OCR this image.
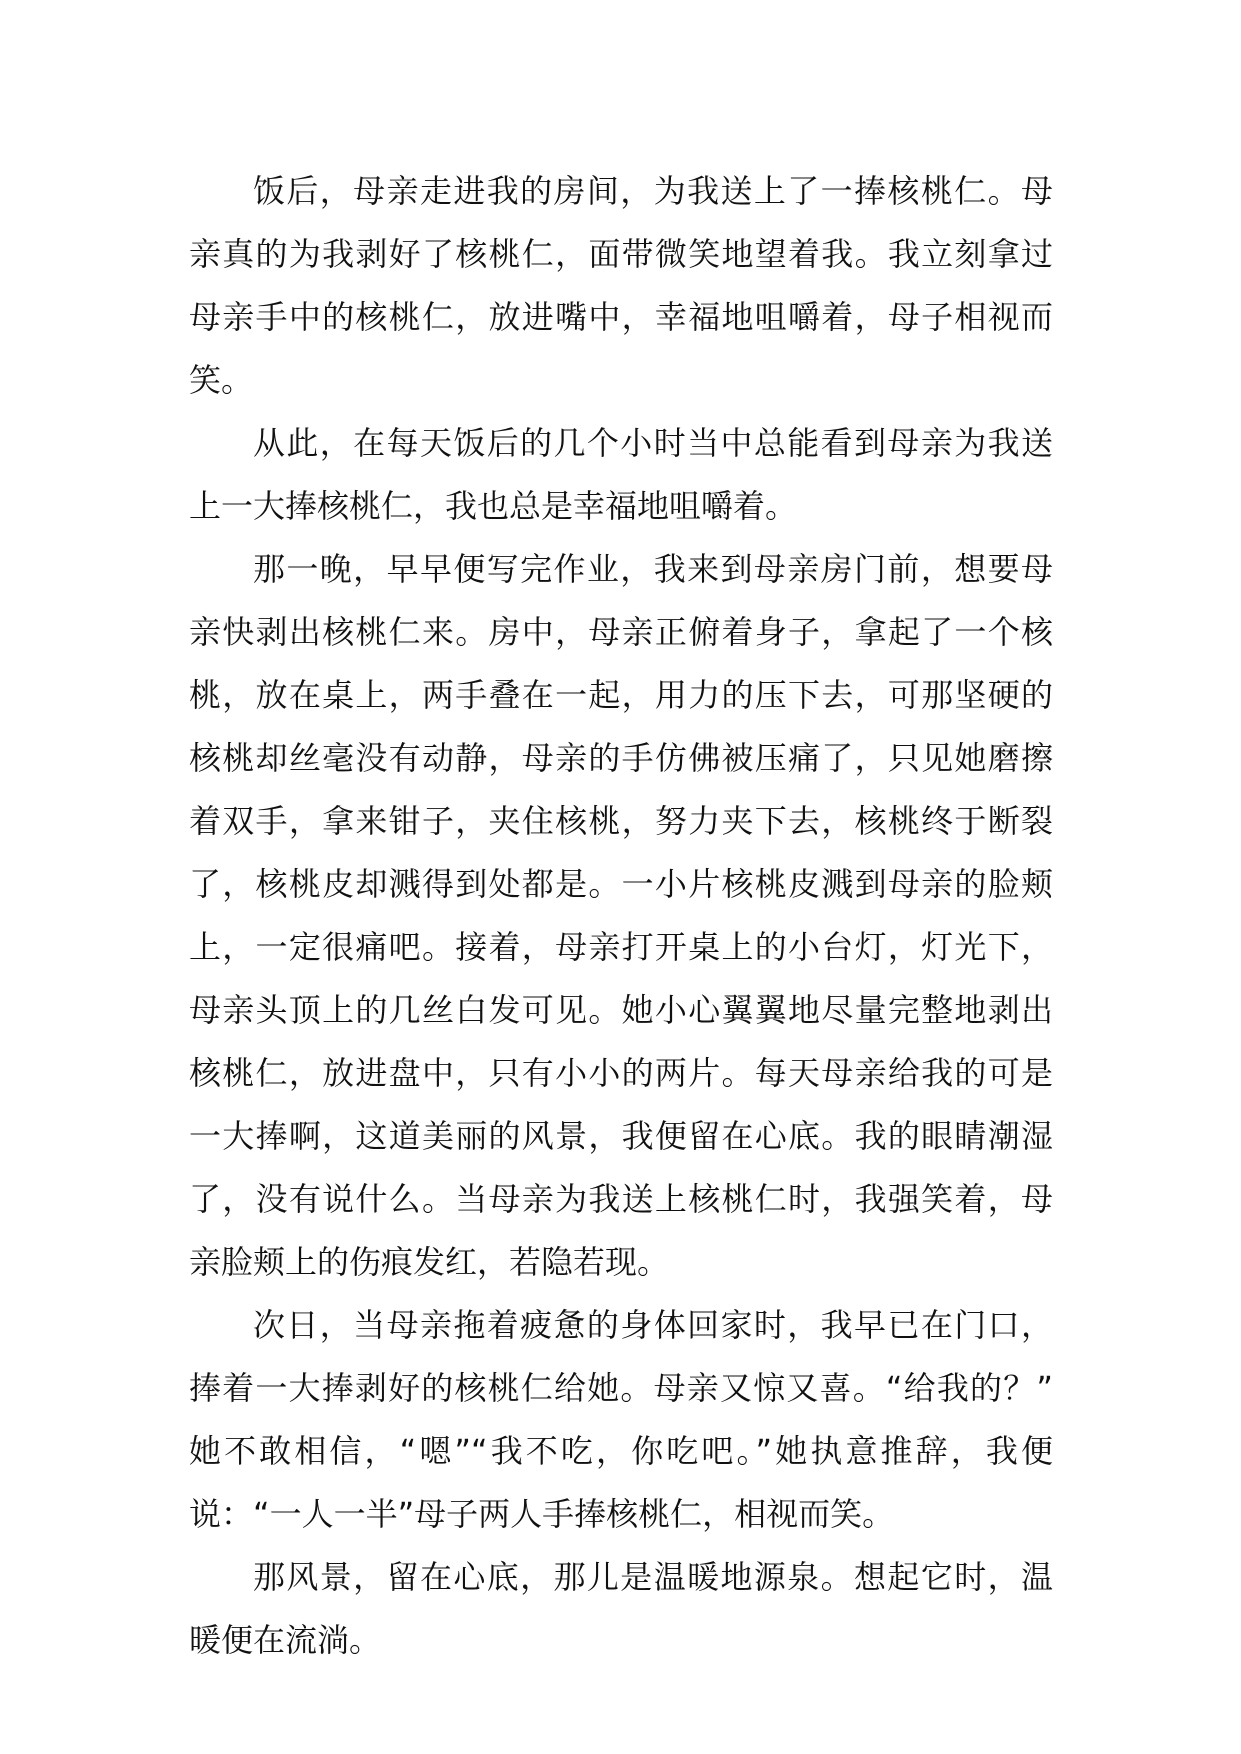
饭后，母亲走进我的房间，为我送上了一捧核桃仁。母
亲真的为我剥好了核桃仁，面带微笑地望着我。我立刻拿过
母亲手中的核桃仁，放进嘴中，幸福地咀嚼着，母子相视而
笑。
从此，在每天饭后的几个小时当中总能看到母亲为我送
上一大捧核桃仁，我也总是幸福地咀嚼着。
那一晚，早早便写完作业，我来到母亲房门前，想要母
亲快剥出核桃仁来。房中，母亲正俯着身子，拿起了一个核
桃，放在桌上，两手叠在一起，用力的压下去，可那坚硬的
核桃却丝毫没有动静，母亲的手仿佛被压痛了，只见她磨擦
着双手，拿来钳子，夹住核桃，努力夹下去，核桃终于断裂
了，核桃皮却溅得到处都是。一小片核桃皮溅到母亲的脸颊
上，一定很痛吧。接着，母亲打开桌上的小台灯，灯光下，
母亲头顶上的几丝白发可见。她小心翼翼地尽量完整地剥出
核桃仁，放进盘中，只有小小的两片。每天母亲给我的可是
一大捧啊，这道美丽的风景，我便留在心底。我的眼睛潮湿
了，没有说什么。当母亲为我送上核桃仁时，我强笑着，母
亲脸颊上的伤痕发红，若隐若现。
次日，当母亲拖着疲惫的身体回家时，我早已在门口，
捧着一大捧剥好的核桃仁给她。母亲又惊又喜。“给我的？”
她不敢相信，“嗯”“我不吃，你吃吧。”她执意推辞，我便
说：“一人一半”母子两人手捧核桃仁，相视而笑。
那风景，留在心底，那儿是温暖地源泉。想起它时，温
暖便在流淌。
